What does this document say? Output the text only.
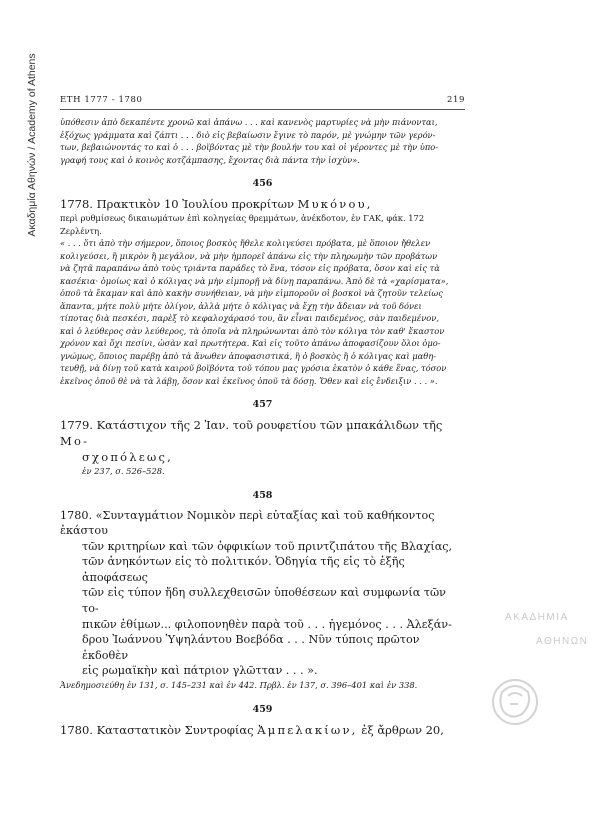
Ακαδημία Αθηνών / Academy of Athens	ΕΤΗ 1777 - 1780	219

ὑπόθεσιν ἀπὸ δεκαπέντε χρονῶ καὶ ἀπάνω . . . καὶ κανενὸς μαρτυρίες νὰ μὴν πιάνονται,

ἐξόχως γράμματα καὶ ζάπτι . . . διὸ εἰς βεβαίωσιν ἔγινε τὸ παρόν, μὲ γνώμην τῶν γερόν-

των, βεβαιώνοντάς το καὶ ὁ . . . βοϊβόντας μὲ τὴν βουλήν του καὶ οἱ γέροντες μὲ τὴν ὑπο-

γραφή τους καὶ ὁ κοινὸς κοτζάμπασης, ἔχοντας διὰ πάντα τὴν ἰσχὺν».

456

1778. Πρακτικὸν 10 Ἰουλίου προκρίτων Μυκόνου,

περὶ ρυθμίσεως δικαιωμάτων ἐπὶ κοληγείας θρεμμάτων, ἀνέκδοτον, ἐν ΓΑΚ, φάκ. 172

Ζερλέντη.

« . . . ὅτι ἀπὸ τὴν σήμερον, ὅποιος βοσκὸς ἤθελε κολιγεύσει πρόβατα, μὲ ὅποιον ἤθελεν

κολιγεύσει, ἢ μικρὸν ἢ μεγάλον, νὰ μὴν ἠμπορεῖ ἀπάνω εἰς τὴν πληρωμὴν τῶν προβάτων

νὰ ζητᾶ παραπάνω ἀπὸ τοὺς τριάντα παράδες τὸ ἕνα, τόσον εἰς πρόβατα, ὅσον καὶ εἰς τὰ

κασέκια· ὁμοίως καὶ ὁ κόλιγας νὰ μὴν εἰμπορῇ νὰ δίνῃ παραπάνω. Ἀπὸ δὲ τὰ «χαρίσματα»,

ὁποῦ τὰ ἔκαμαν καὶ ἀπὸ κακὴν συνήθειαν, νὰ μὴν εἰμποροῦν οἱ βοσκοὶ νὰ ζητοῦν τελείως

ἅπαντα, μήτε πολὺ μήτε ὀλίγον, ἀλλὰ μήτε ὁ κόλιγας νὰ ἔχῃ τὴν ἄδειαν νὰ τοῦ δόνει

τίποτας διὰ πεσκέσι, παρὲξ τὸ κεφαλοχάρασό του, ἂν εἶναι παιδεμένος, σὰν παιδεμένον,

καὶ ὁ λεύθερος σὰν λεύθερος, τὰ ὁποῖα νὰ πληρώνωνται ἀπὸ τὸν κόλιγα τὸν καθ' ἕκαστον

χρόνον καὶ ὄχι πεσίνι, ὡσὰν καὶ πρωτήτερα. Καὶ εἰς τοῦτο ἀπάνω ἀποφασίζουν ὅλοι ὁμο-

γνώμως, ὅποιος παρέβῃ ἀπὸ τὰ ἄνωθεν ἀποφασιστικά, ἢ ὁ βοσκὸς ἢ ὁ κόλιγας καὶ μαθη-

τευθῇ, νὰ δίνῃ τοῦ κατὰ καιροῦ βοϊβόντα τοῦ τόπου μας γρόσια ἑκατὸν ὁ κάθε ἕνας, τόσον

ἐκεῖνος ὁποῦ θὲ νὰ τὰ λάβῃ, ὅσον καὶ ἐκεῖνος ὁποῦ τὰ δόσῃ. Ὅθεν καὶ εἰς ἔνδειξιν . . . ».

457

1779. Κατάστιχον τῆς 2 Ἰαν. τοῦ ρουφετίου τῶν μπακάλιδων τῆς Μο-

σχοπόλεως,

ἐν 237, σ. 526–528.

458

1780. «Συνταγμάτιον Νομικὸν περὶ εὐταξίας καὶ τοῦ καθήκοντος ἑκάστου

τῶν κριτηρίων καὶ τῶν ὀφφικίων τοῦ πριντζιπάτου τῆς Βλαχίας,

τῶν ἀνηκόντων εἰς τὸ πολιτικόν. Ὁδηγία τῆς εἰς τὸ ἑξῆς ἀποφάσεως

τῶν εἰς τύπον ἤδη συλλεχθεισῶν ὑποθέσεων καὶ συμφωνία τῶν το-

πικῶν ἐθίμων... φιλοπονηθὲν παρὰ τοῦ . . . ἡγεμόνος . . . Ἀλεξάν-

δρου Ἰωάννου Ὑψηλάντου Βοεβόδα . . . Νῦν τύποις πρῶτον ἐκδοθὲν

εἰς ρωμαϊκὴν καὶ πάτριον γλῶτταν . . . ».

Ἀνεδημοσιεύθη ἐν 131, σ. 145–231 καὶ ἐν 442. Πρβλ. ἐν 137, σ. 396–401 καὶ ἐν 338.

459

1780. Καταστατικὸν Συντροφίας Ἀμπελακίων, ἐξ ἄρθρων 20,

ΑΚΑΔΗΜΙΑ
ΑΘΗΝΩΝ
